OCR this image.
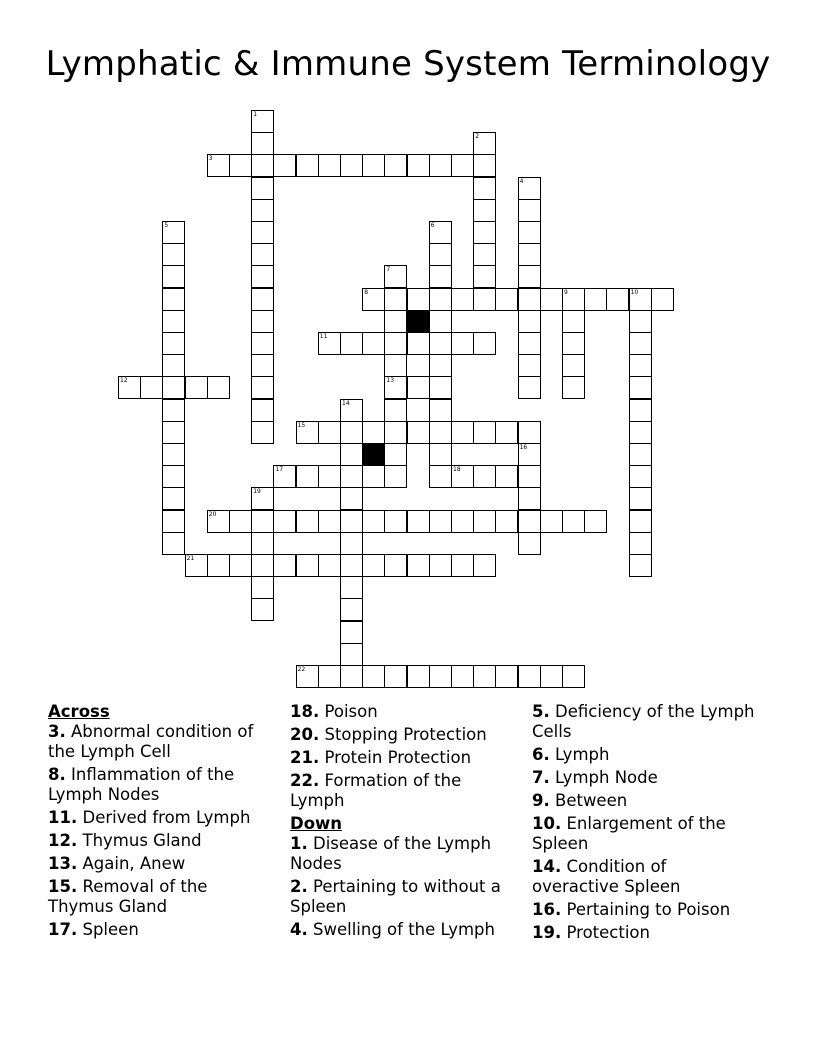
Lymphatic & Immune System Terminology
1
2
3
4
5	6
7
13
8	9	10
11
12
14
15
16
17	18
19
20
21
22
Across
3. Abnormal condition of the Lymph Cell
8. Inflammation of the Lymph Nodes
11. Derived from Lymph
12. Thymus Gland
13. Again, Anew
15. Removal of the Thymus Gland
17. Spleen
18. Poison
20. Stopping Protection
21. Protein Protection
22. Formation of the Lymph
Down
1. Disease of the Lymph Nodes
2. Pertaining to without a Spleen
4. Swelling of the Lymph
5. Deficiency of the Lymph Cells
6. Lymph
7. Lymph Node
9. Between
10. Enlargement of the Spleen
14. Condition of overactive Spleen
16. Pertaining to Poison
19. Protection
